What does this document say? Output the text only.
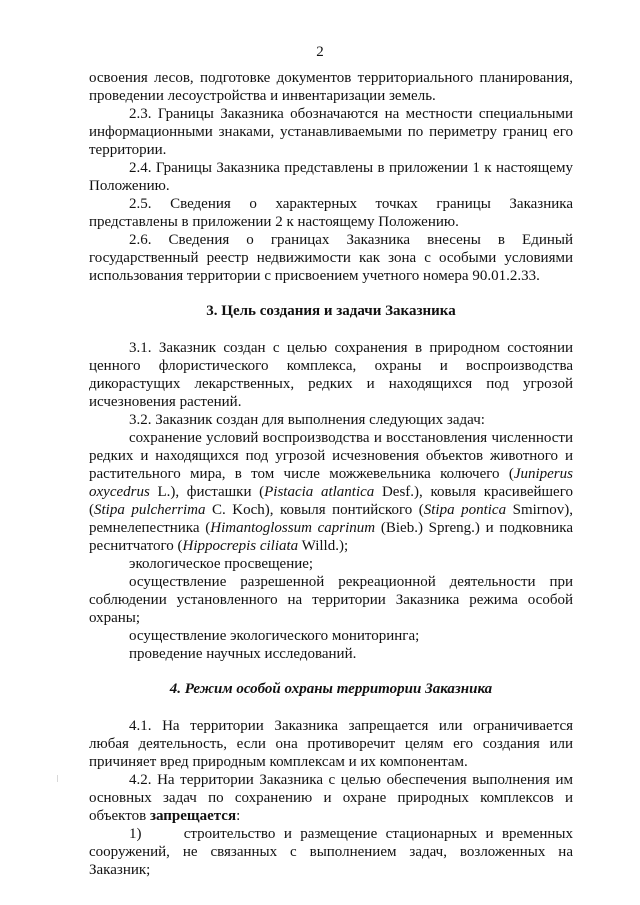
2

освоения лесов, подготовке документов территориального планирования, проведении лесоустройства и инвентаризации земель.

2.3. Границы Заказника обозначаются на местности специальными информационными знаками, устанавливаемыми по периметру границ его территории.

2.4. Границы Заказника представлены в приложении 1 к настоящему Положению.

2.5. Сведения о характерных точках границы Заказника представлены в приложении 2 к настоящему Положению.

2.6. Сведения о границах Заказника внесены в Единый государственный реестр недвижимости как зона с особыми условиями использования территории с присвоением учетного номера 90.01.2.33.

3. Цель создания и задачи Заказника

3.1. Заказник создан с целью сохранения в природном состоянии ценного флористического комплекса, охраны и воспроизводства дикорастущих лекарственных, редких и находящихся под угрозой исчезновения растений.

3.2. Заказник создан для выполнения следующих задач:

сохранение условий воспроизводства и восстановления численности редких и находящихся под угрозой исчезновения объектов животного и растительного мира, в том числе можжевельника колючего (Juniperus oxycedrus L.), фисташки (Pistacia atlantica Desf.), ковыля красивейшего (Stipa pulcherrima C. Koch), ковыля понтийского (Stipa pontica Smirnov), ремнелепестника (Himantoglossum caprinum (Bieb.) Spreng.) и подковника реснитчатого (Hippocrepis ciliata Willd.);

экологическое просвещение;

осуществление разрешенной рекреационной деятельности при соблюдении установленного на территории Заказника режима особой охраны;

осуществление экологического мониторинга;

проведение научных исследований.

4. Режим особой охраны территории Заказника

4.1. На территории Заказника запрещается или ограничивается любая деятельность, если она противоречит целям его создания или причиняет вред природным комплексам и их компонентам.

4.2. На территории Заказника с целью обеспечения выполнения им основных задач по сохранению и охране природных комплексов и объектов запрещается:

1)	строительство и размещение стационарных и временных сооружений, не связанных с выполнением задач, возложенных на Заказник;
